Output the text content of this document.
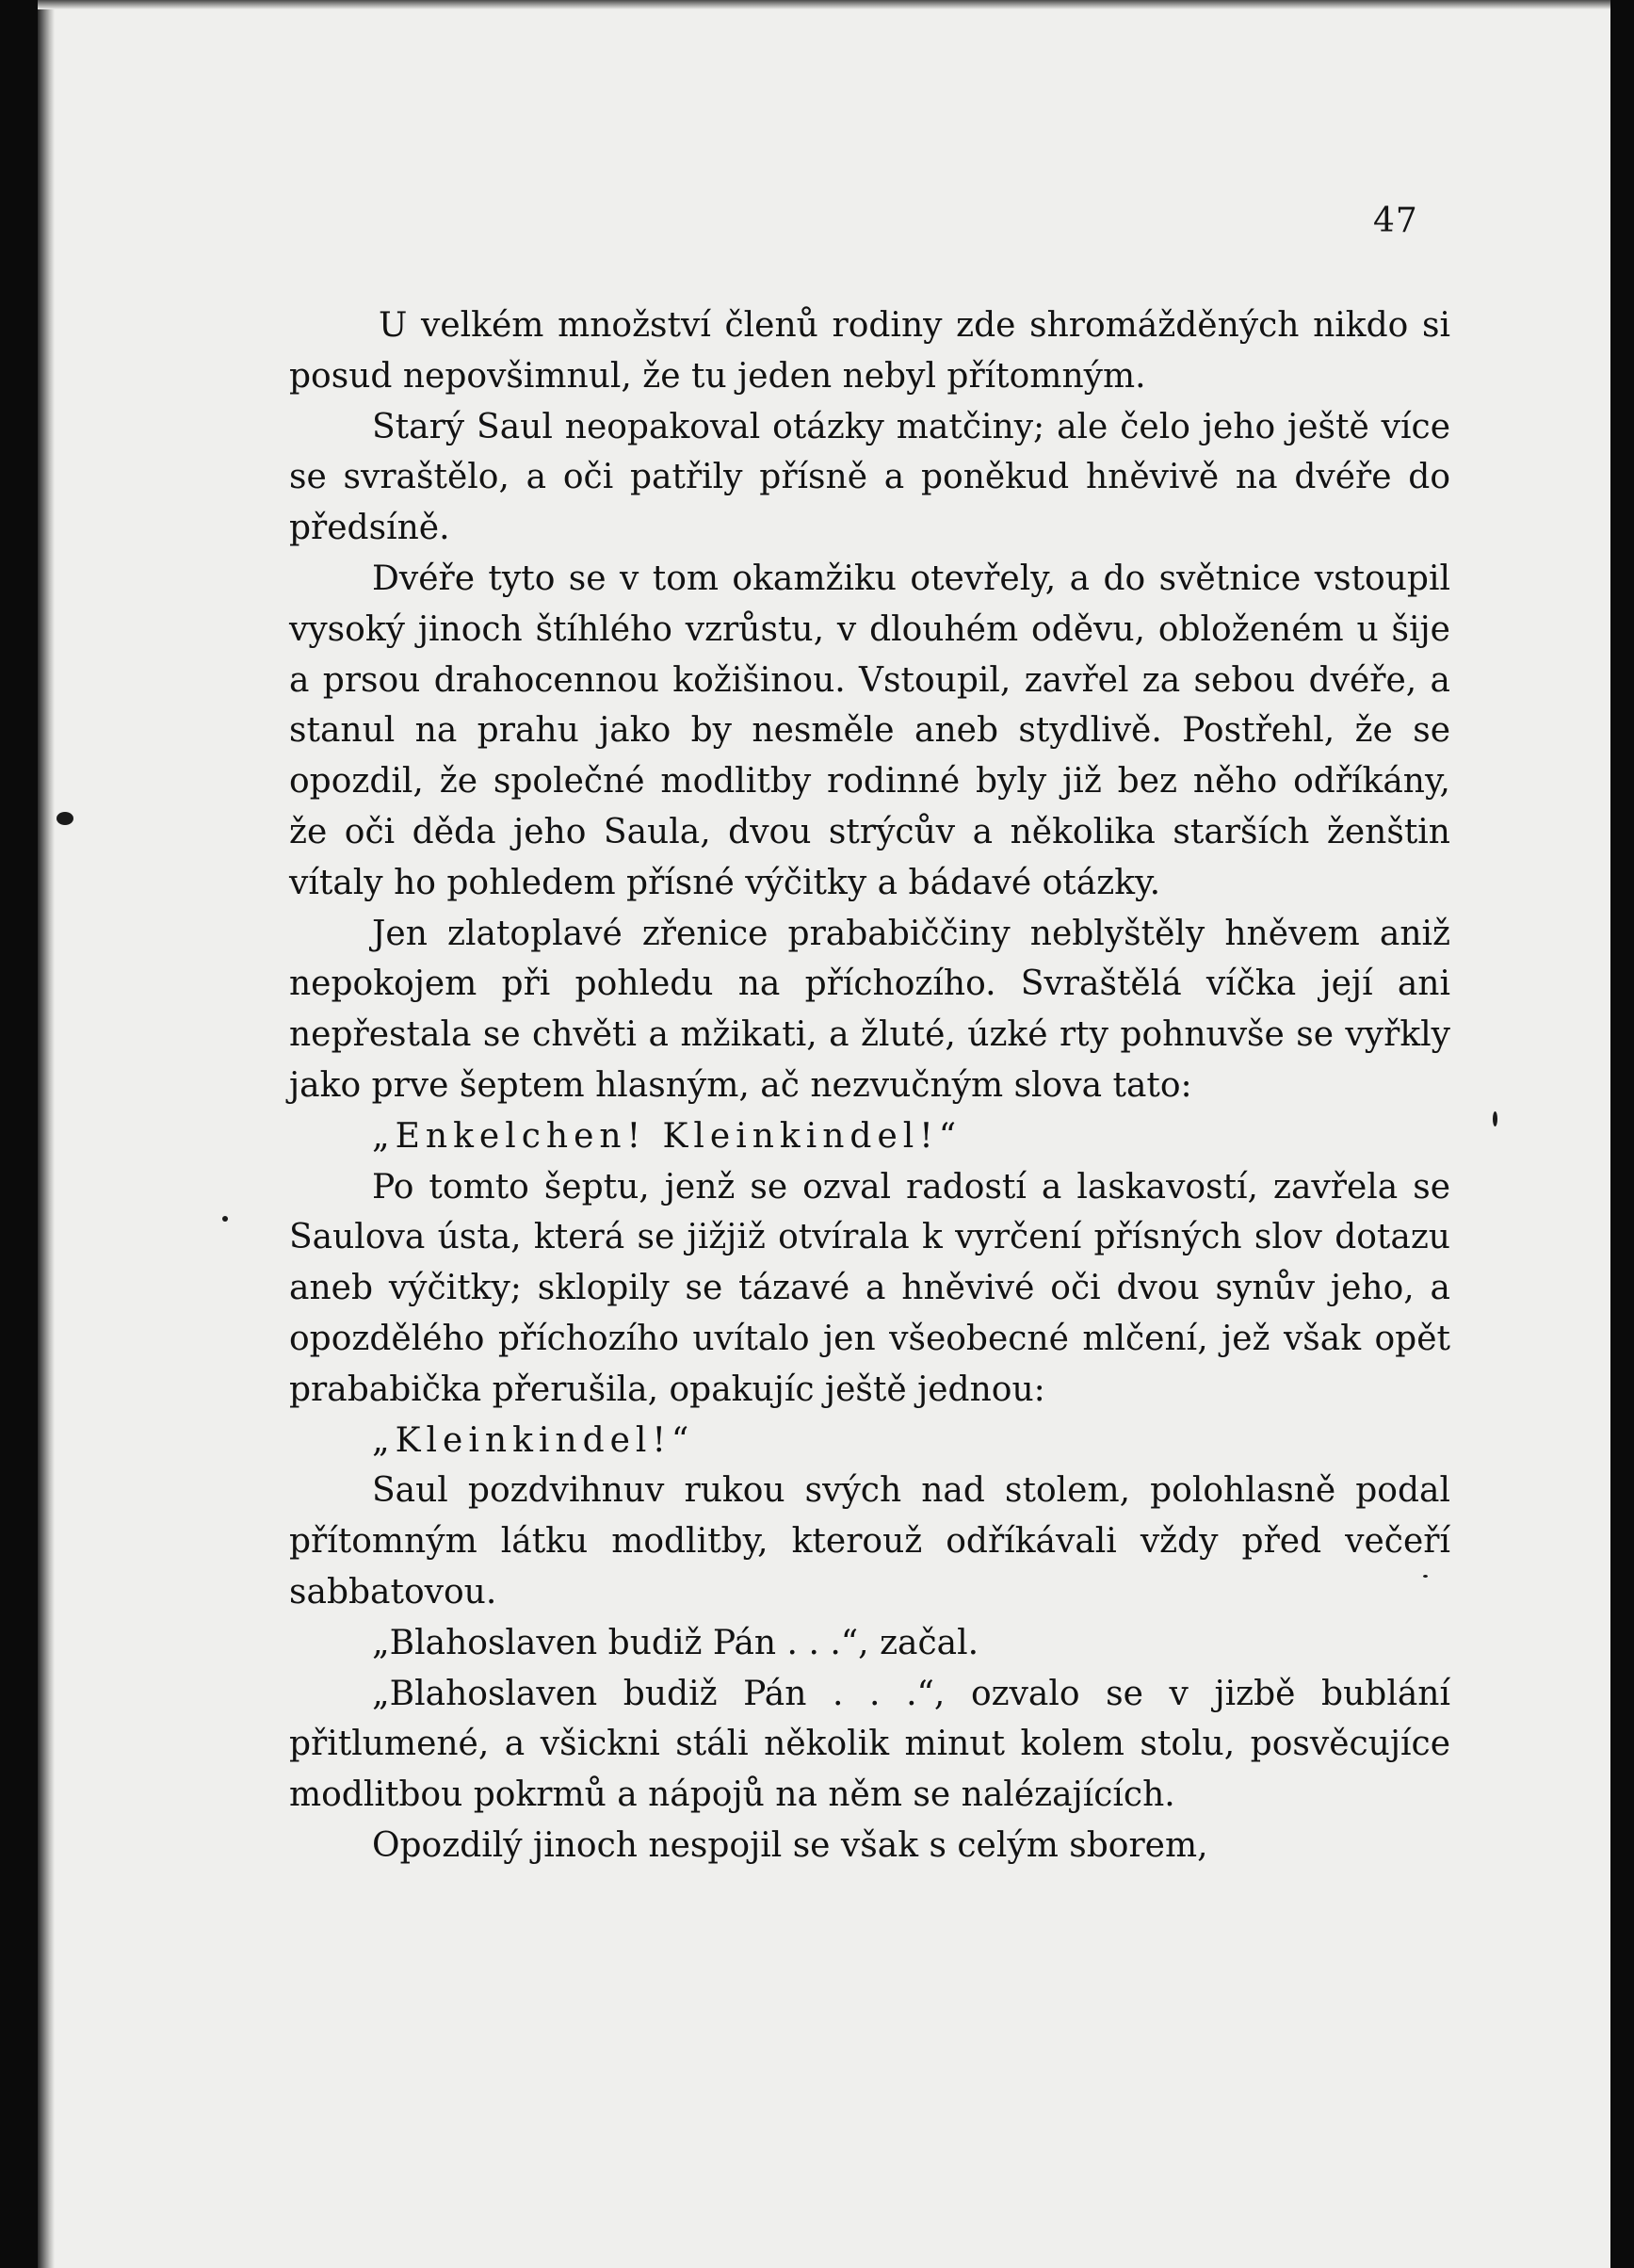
47

U velkém množství členů rodiny zde shromážděných nikdo si posud nepovšimnul, že tu jeden nebyl přítomným.

Starý Saul neopakoval otázky matčiny; ale čelo jeho ještě více se svraštělo, a oči patřily přísně a poněkud hněvivě na dvéře do předsíně.

Dvéře tyto se v tom okamžiku otevřely, a do světnice vstoupil vysoký jinoch štíhlého vzrůstu, v dlouhém oděvu, obloženém u šije a prsou drahocennou kožišinou. Vstoupil, zavřel za sebou dvéře, a stanul na prahu jako by nesměle aneb stydlivě. Postřehl, že se opozdil, že společné modlitby rodinné byly již bez něho odříkány, že oči děda jeho Saula, dvou strýcův a několika starších ženštin vítaly ho pohledem přísné výčitky a bádavé otázky.

Jen zlatoplavé zřenice prababiččiny neblyštěly hněvem aniž nepokojem při pohledu na příchozího. Svraštělá víčka její ani nepřestala se chvěti a mžikati, a žluté, úzké rty pohnuvše se vyřkly jako prve šeptem hlasným, ač nezvučným slova tato:

„Enkelchen! Kleinkindel!“

Po tomto šeptu, jenž se ozval radostí a laskavostí, zavřela se Saulova ústa, která se jižjiž otvírala k vyrčení přísných slov dotazu aneb výčitky; sklopily se tázavé a hněvivé oči dvou synův jeho, a opozdělého příchozího uvítalo jen všeobecné mlčení, jež však opět prababička přerušila, opakujíc ještě jednou:

„Kleinkindel!“

Saul pozdvihnuv rukou svých nad stolem, polohlasně podal přítomným látku modlitby, kterouž odříkávali vždy před večeří sabbatovou.

„Blahoslaven budiž Pán . . .“, začal.

„Blahoslaven budiž Pán . . .“, ozvalo se v jizbě bublání přitlumené, a všickni stáli několik minut kolem stolu, posvěcujíce modlitbou pokrmů a nápojů na něm se nalézajících.

Opozdilý jinoch nespojil se však s celým sborem,
